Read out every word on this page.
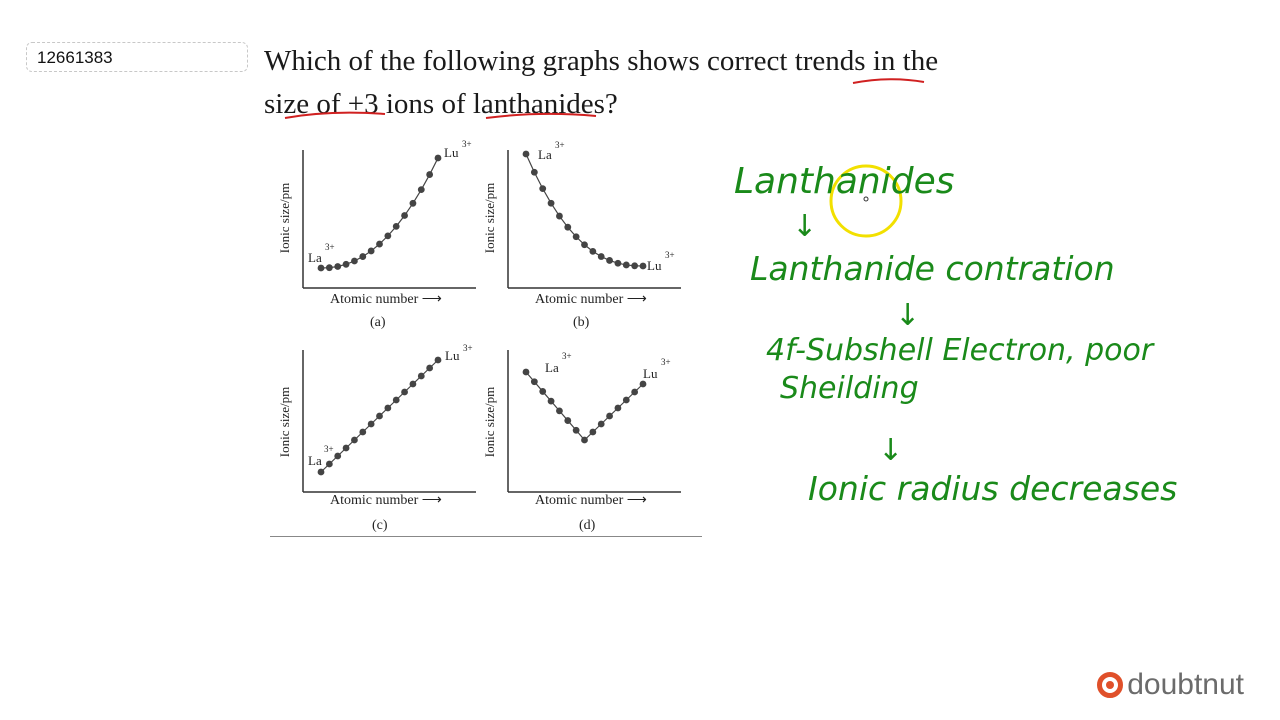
12661383	Which of the following graphs shows correct trends in the
size of +3 ions of lanthanides?
La
3+
Lu
3+
Ionic size/pm
Atomic number ⟶
(a)
La
3+
Lu
3+
Ionic size/pm
Atomic number ⟶
(b)
La
3+
Lu 3+
Ionic size/pm
Atomic number ⟶
(c)
La
3+
Lu
3+
Ionic size/pm
Atomic number ⟶
(d)
Lanthanides
↓
Lanthanide contration
↓
4f-Subshell Electron, poor
Sheilding
↓
Ionic radius decreases
doubtnut
